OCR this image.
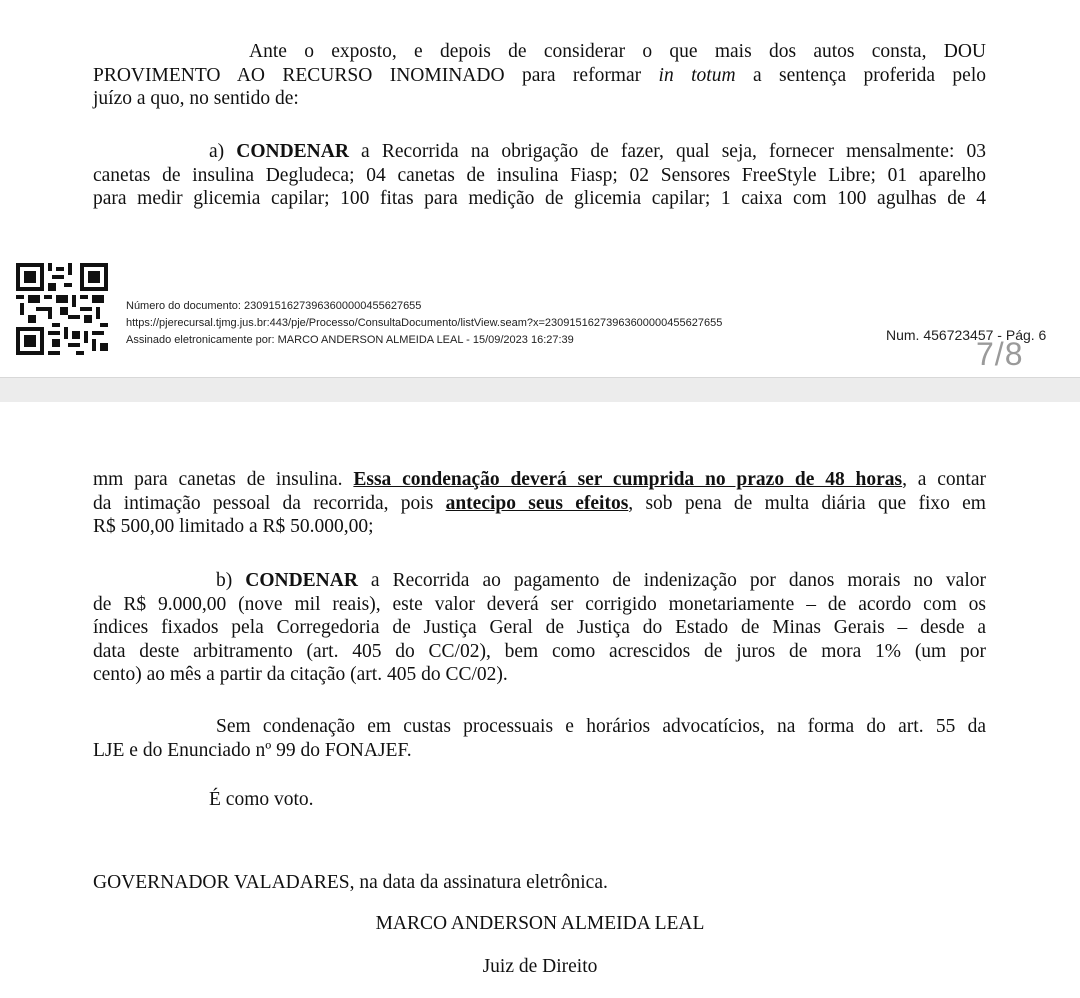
Ante o exposto, e depois de considerar o que mais dos autos consta, DOU
PROVIMENTO AO RECURSO INOMINADO para reformar in totum a sentença proferida pelo
juízo a quo, no sentido de:
a) CONDENAR a Recorrida na obrigação de fazer, qual seja, fornecer mensalmente: 03
canetas de insulina Degludeca; 04 canetas de insulina Fiasp; 02 Sensores FreeStyle Libre; 01 aparelho
para medir glicemia capilar; 100 fitas para medição de glicemia capilar; 1 caixa com 100 agulhas de 4
Número do documento: 23091516273963600000455627655
https://pjerecursal.tjmg.jus.br:443/pje/Processo/ConsultaDocumento/listView.seam?x=23091516273963600000455627655
Assinado eletronicamente por: MARCO ANDERSON ALMEIDA LEAL - 15/09/2023 16:27:39	Num. 456723457 - Pág. 6
7/8
mm para canetas de insulina. Essa condenação deverá ser cumprida no prazo de 48 horas, a contar
da intimação pessoal da recorrida, pois antecipo seus efeitos, sob pena de multa diária que fixo em
R$ 500,00 limitado a R$ 50.000,00;
b) CONDENAR a Recorrida ao pagamento de indenização por danos morais no valor
de R$ 9.000,00 (nove mil reais), este valor deverá ser corrigido monetariamente – de acordo com os
índices fixados pela Corregedoria de Justiça Geral de Justiça do Estado de Minas Gerais – desde a
data deste arbitramento (art. 405 do CC/02), bem como acrescidos de juros de mora 1% (um por
cento) ao mês a partir da citação (art. 405 do CC/02).
Sem condenação em custas processuais e horários advocatícios, na forma do art. 55 da
LJE e do Enunciado nº 99 do FONAJEF.
É como voto.
GOVERNADOR VALADARES, na data da assinatura eletrônica.
MARCO ANDERSON ALMEIDA LEAL
Juiz de Direito
